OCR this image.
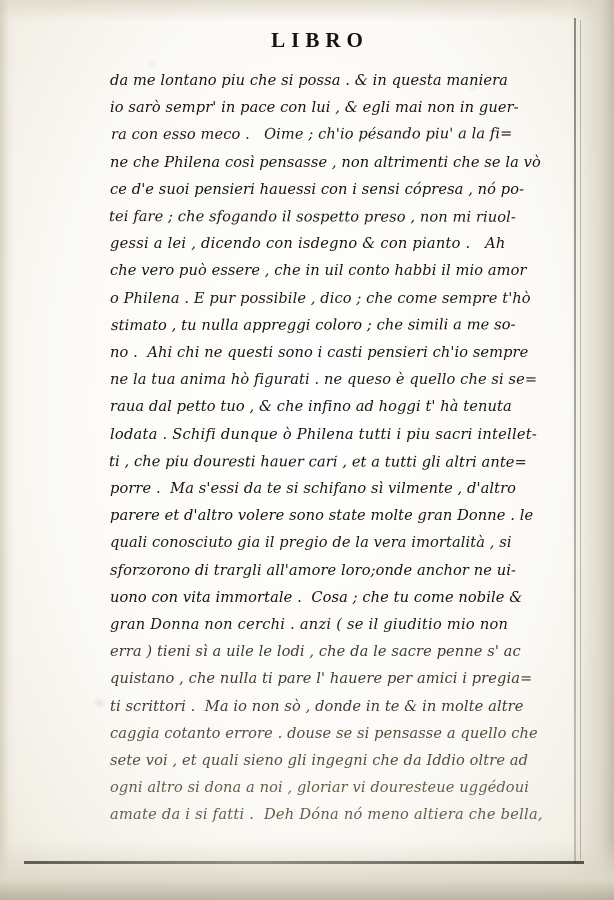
LIBRO
da me lontano piu che si possa . & in questa maniera
io sarò sempr' in pace con lui , & egli mai non in guer-
ra con esso meco .   Oime ; ch'io pésando piu' a la fi=
ne che Philena così pensasse , non altrimenti che se la vò
ce d'e suoi pensieri hauessi con i sensi cópresa , nó po-
tei fare ; che sfogando il sospetto preso , non mi riuol-
gessi a lei , dicendo con isdegno & con pianto .   Ah
che vero può essere , che in uil conto habbi il mio amor
o Philena . E pur possibile , dico ; che come sempre t'hò
stimato , tu nulla appreggi coloro ; che simili a me so-
no .  Ahi chi ne questi sono i casti pensieri ch'io sempre
ne la tua anima hò figurati . ne queso è quello che si se=
raua dal petto tuo , & che infino ad hoggi t' hà tenuta
lodata . Schifi dunque ò Philena tutti i piu sacri intellet-
ti , che piu douresti hauer cari , et a tutti gli altri ante=
porre .  Ma s'essi da te si schifano sì vilmente , d'altro
parere et d'altro volere sono state molte gran Donne . le
quali conosciuto gia il pregio de la vera imortalità , si
sforzorono di trargli all'amore loro;onde anchor ne ui-
uono con vita immortale .  Cosa ; che tu come nobile &
gran Donna non cerchi . anzi ( se il giuditio mio non
erra ) tieni sì a uile le lodi , che da le sacre penne s' ac
quistano , che nulla ti pare l' hauere per amici i pregia=
ti scrittori .  Ma io non sò , donde in te & in molte altre
caggia cotanto errore . douse se si pensasse a quello che
sete voi , et quali sieno gli ingegni che da Iddio oltre ad
ogni altro si dona a noi , gloriar vi douresteue uggédoui
amate da i si fatti .  Deh Dóna nó meno altiera che bella,
